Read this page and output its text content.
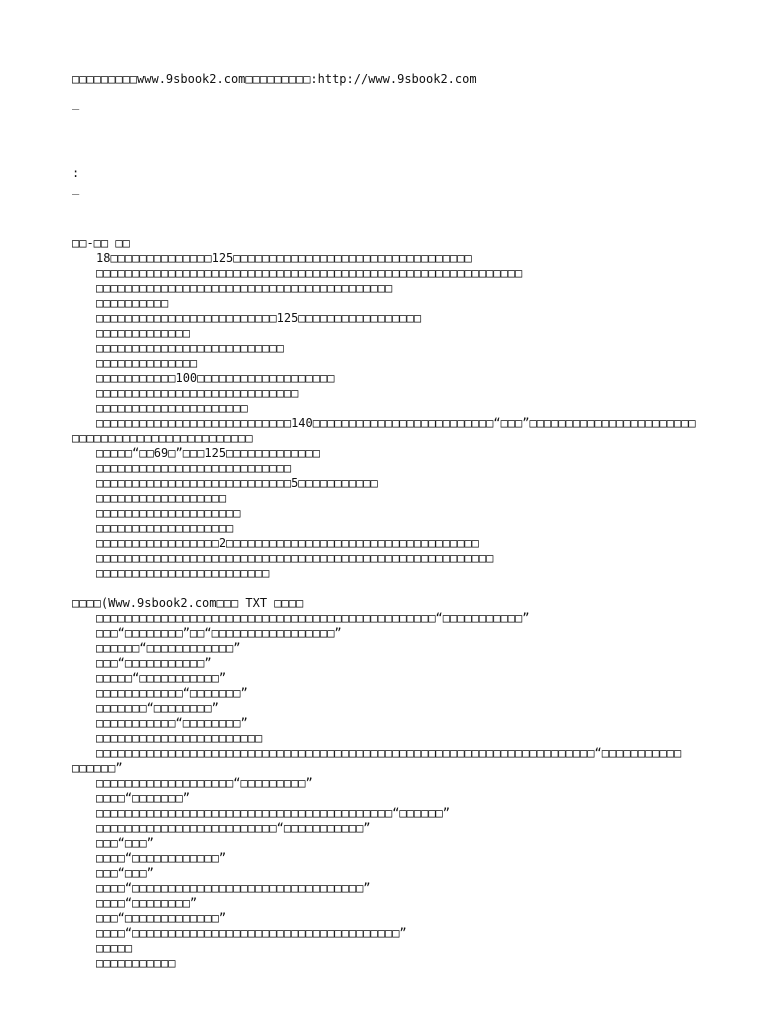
□□□□□□□□□www.9sbook2.com□□□□□□□□□:http://www.9sbook2.com
_
:
_
□□-□□ □□
18□□□□□□□□□□□□□□125□□□□□□□□□□□□□□□□□□□□□□□□□□□□□□□□□
□□□□□□□□□□□□□□□□□□□□□□□□□□□□□□□□□□□□□□□□□□□□□□□□□□□□□□□□□□□
□□□□□□□□□□□□□□□□□□□□□□□□□□□□□□□□□□□□□□□□□
□□□□□□□□□□
□□□□□□□□□□□□□□□□□□□□□□□□□125□□□□□□□□□□□□□□□□□
□□□□□□□□□□□□□
□□□□□□□□□□□□□□□□□□□□□□□□□□
□□□□□□□□□□□□□□
□□□□□□□□□□□100□□□□□□□□□□□□□□□□□□□
□□□□□□□□□□□□□□□□□□□□□□□□□□□□
□□□□□□□□□□□□□□□□□□□□□
□□□□□□□□□□□□□□□□□□□□□□□□□□□140□□□□□□□□□□□□□□□□□□□□□□□□□“□□□”□□□□□□□□□□□□□□□□□□□□□□□
□□□□□□□□□□□□□□□□□□□□□□□□□
□□□□□“□□69□”□□□125□□□□□□□□□□□□□
□□□□□□□□□□□□□□□□□□□□□□□□□□□
□□□□□□□□□□□□□□□□□□□□□□□□□□□5□□□□□□□□□□□
□□□□□□□□□□□□□□□□□□
□□□□□□□□□□□□□□□□□□□□
□□□□□□□□□□□□□□□□□□□
□□□□□□□□□□□□□□□□□2□□□□□□□□□□□□□□□□□□□□□□□□□□□□□□□□□□□
□□□□□□□□□□□□□□□□□□□□□□□□□□□□□□□□□□□□□□□□□□□□□□□□□□□□□□□
□□□□□□□□□□□□□□□□□□□□□□□□
□□□□(Www.9sbook2.com□□□ TXT □□□□
□□□□□□□□□□□□□□□□□□□□□□□□□□□□□□□□□□□□□□□□□□□□□□□“□□□□□□□□□□□”
□□□“□□□□□□□□”□□“□□□□□□□□□□□□□□□□□”
□□□□□□“□□□□□□□□□□□□”
□□□“□□□□□□□□□□□”
□□□□□“□□□□□□□□□□□”
□□□□□□□□□□□□“□□□□□□□”
□□□□□□□“□□□□□□□□”
□□□□□□□□□□□“□□□□□□□□”
□□□□□□□□□□□□□□□□□□□□□□□
□□□□□□□□□□□□□□□□□□□□□□□□□□□□□□□□□□□□□□□□□□□□□□□□□□□□□□□□□□□□□□□□□□□□□“□□□□□□□□□□□
□□□□□□”
□□□□□□□□□□□□□□□□□□□“□□□□□□□□□”
□□□□“□□□□□□□”
□□□□□□□□□□□□□□□□□□□□□□□□□□□□□□□□□□□□□□□□□“□□□□□□”
□□□□□□□□□□□□□□□□□□□□□□□□□“□□□□□□□□□□□”
□□□“□□□”
□□□□“□□□□□□□□□□□□”
□□□“□□□”
□□□□“□□□□□□□□□□□□□□□□□□□□□□□□□□□□□□□□”
□□□□“□□□□□□□□”
□□□“□□□□□□□□□□□□□”
□□□□“□□□□□□□□□□□□□□□□□□□□□□□□□□□□□□□□□□□□□”
□□□□□
□□□□□□□□□□□
